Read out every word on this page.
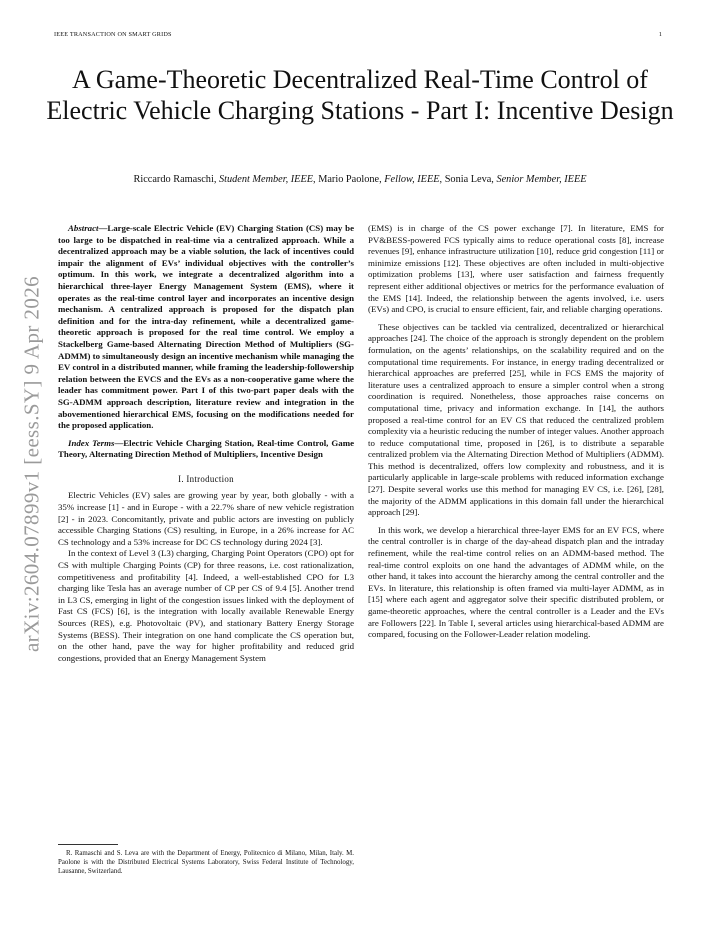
IEEE TRANSACTION ON SMART GRIDS	1
A Game-Theoretic Decentralized Real-Time Control of Electric Vehicle Charging Stations - Part I: Incentive Design
Riccardo Ramaschi, Student Member, IEEE, Mario Paolone, Fellow, IEEE, Sonia Leva, Senior Member, IEEE
arXiv:2604.07899v1 [eess.SY] 9 Apr 2026

Abstract—Large-scale Electric Vehicle (EV) Charging Station (CS) may be too large to be dispatched in real-time via a centralized approach. While a decentralized approach may be a viable solution, the lack of incentives could impair the alignment of EVs’ individual objectives with the controller’s optimum. In this work, we integrate a decentralized algorithm into a hierarchical three-layer Energy Management System (EMS), where it operates as the real-time control layer and incorporates an incentive design mechanism. A centralized approach is proposed for the dispatch plan definition and for the intra-day refinement, while a decentralized game-theoretic approach is proposed for the real time control. We employ a Stackelberg Game-based Alternating Direction Method of Multipliers (SG-ADMM) to simultaneously design an incentive mechanism while managing the EV control in a distributed manner, while framing the leadership-followership relation between the EVCS and the EVs as a non-cooperative game where the leader has commitment power. Part I of this two-part paper deals with the SG-ADMM approach description, literature review and integration in the abovementioned hierarchical EMS, focusing on the modifications needed for the proposed application.

Index Terms—Electric Vehicle Charging Station, Real-time Control, Game Theory, Alternating Direction Method of Multipliers, Incentive Design

I. Introduction

Electric Vehicles (EV) sales are growing year by year, both globally - with a 35% increase [1] - and in Europe - with a 22.7% share of new vehicle registration [2] - in 2023. Concomitantly, private and public actors are investing on publicly accessible Charging Stations (CS) resulting, in Europe, in a 26% increase for AC CS technology and a 53% increase for DC CS technology during 2024 [3].

In the context of Level 3 (L3) charging, Charging Point Operators (CPO) opt for CS with multiple Charging Points (CP) for three reasons, i.e. cost rationalization, competitiveness and profitability [4]. Indeed, a well-established CPO for L3 charging like Tesla has an average number of CP per CS of 9.4 [5]. Another trend in L3 CS, emerging in light of the congestion issues linked with the deployment of Fast CS (FCS) [6], is the integration with locally available Renewable Energy Sources (RES), e.g. Photovoltaic (PV), and stationary Battery Energy Storage Systems (BESS). Their integration on one hand complicate the CS operation but, on the other hand, pave the way for higher profitability and reduced grid congestions, provided that an Energy Management System

R. Ramaschi and S. Leva are with the Department of Energy, Politecnico di Milano, Milan, Italy. M. Paolone is with the Distributed Electrical Systems Laboratory, Swiss Federal Institute of Technology, Lausanne, Switzerland.

(EMS) is in charge of the CS power exchange [7]. In literature, EMS for PV&BESS-powered FCS typically aims to reduce operational costs [8], increase revenues [9], enhance infrastructure utilization [10], reduce grid congestion [11] or minimize emissions [12]. These objectives are often included in multi-objective optimization problems [13], where user satisfaction and fairness frequently represent either additional objectives or metrics for the performance evaluation of the EMS [14]. Indeed, the relationship between the agents involved, i.e. users (EVs) and CPO, is crucial to ensure efficient, fair, and reliable charging operations.

These objectives can be tackled via centralized, decentralized or hierarchical approaches [24]. The choice of the approach is strongly dependent on the problem formulation, on the agents’ relationships, on the scalability required and on the computational time requirements. For instance, in energy trading decentralized or hierarchical approaches are preferred [25], while in FCS EMS the majority of literature uses a centralized approach to ensure a simpler control when a strong coordination is required. Nonetheless, those approaches raise concerns on computational time, privacy and information exchange. In [14], the authors proposed a real-time control for an EV CS that reduced the centralized problem complexity via a heuristic reducing the number of integer values. Another approach to reduce computational time, proposed in [26], is to distribute a separable centralized problem via the Alternating Direction Method of Multipliers (ADMM). This method is decentralized, offers low complexity and robustness, and it is particularly applicable in large-scale problems with reduced information exchange [27]. Despite several works use this method for managing EV CS, i.e. [26], [28], the majority of the ADMM applications in this domain fall under the hierarchical approach [29].

In this work, we develop a hierarchical three-layer EMS for an EV FCS, where the central controller is in charge of the day-ahead dispatch plan and the intraday refinement, while the real-time control relies on an ADMM-based method. The real-time control exploits on one hand the advantages of ADMM while, on the other hand, it takes into account the hierarchy among the central controller and the EVs. In literature, this relationship is often framed via multi-layer ADMM, as in [15] where each agent and aggregator solve their specific distributed problem, or game-theoretic approaches, where the central controller is a Leader and the EVs are Followers [22]. In Table I, several articles using hierarchical-based ADMM are compared, focusing on the Follower-Leader relation modeling.
